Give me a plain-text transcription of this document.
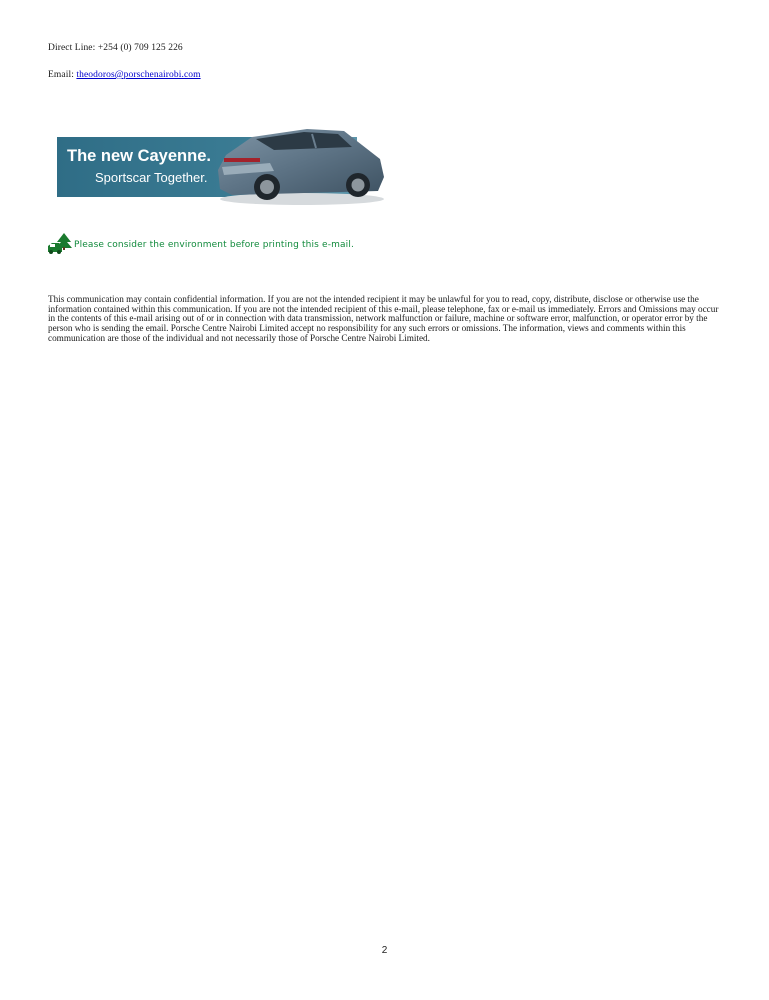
Direct Line: +254 (0) 709 125 226
Email: theodoros@porschenairobi.com
The new Cayenne.
Sportscar Together.
Please consider the environment before printing this e-mail.
This communication may contain confidential information. If you are not the intended recipient it may be unlawful for you to read, copy, distribute, disclose or otherwise use the information contained within this communication. If you are not the intended recipient of this e-mail, please telephone, fax or e-mail us immediately. Errors and Omissions may occur in the contents of this e-mail arising out of or in connection with data transmission, network malfunction or failure, machine or software error, malfunction, or operator error by the person who is sending the email. Porsche Centre Nairobi Limited accept no responsibility for any such errors or omissions. The information, views and comments within this communication are those of the individual and not necessarily those of Porsche Centre Nairobi Limited.
2
